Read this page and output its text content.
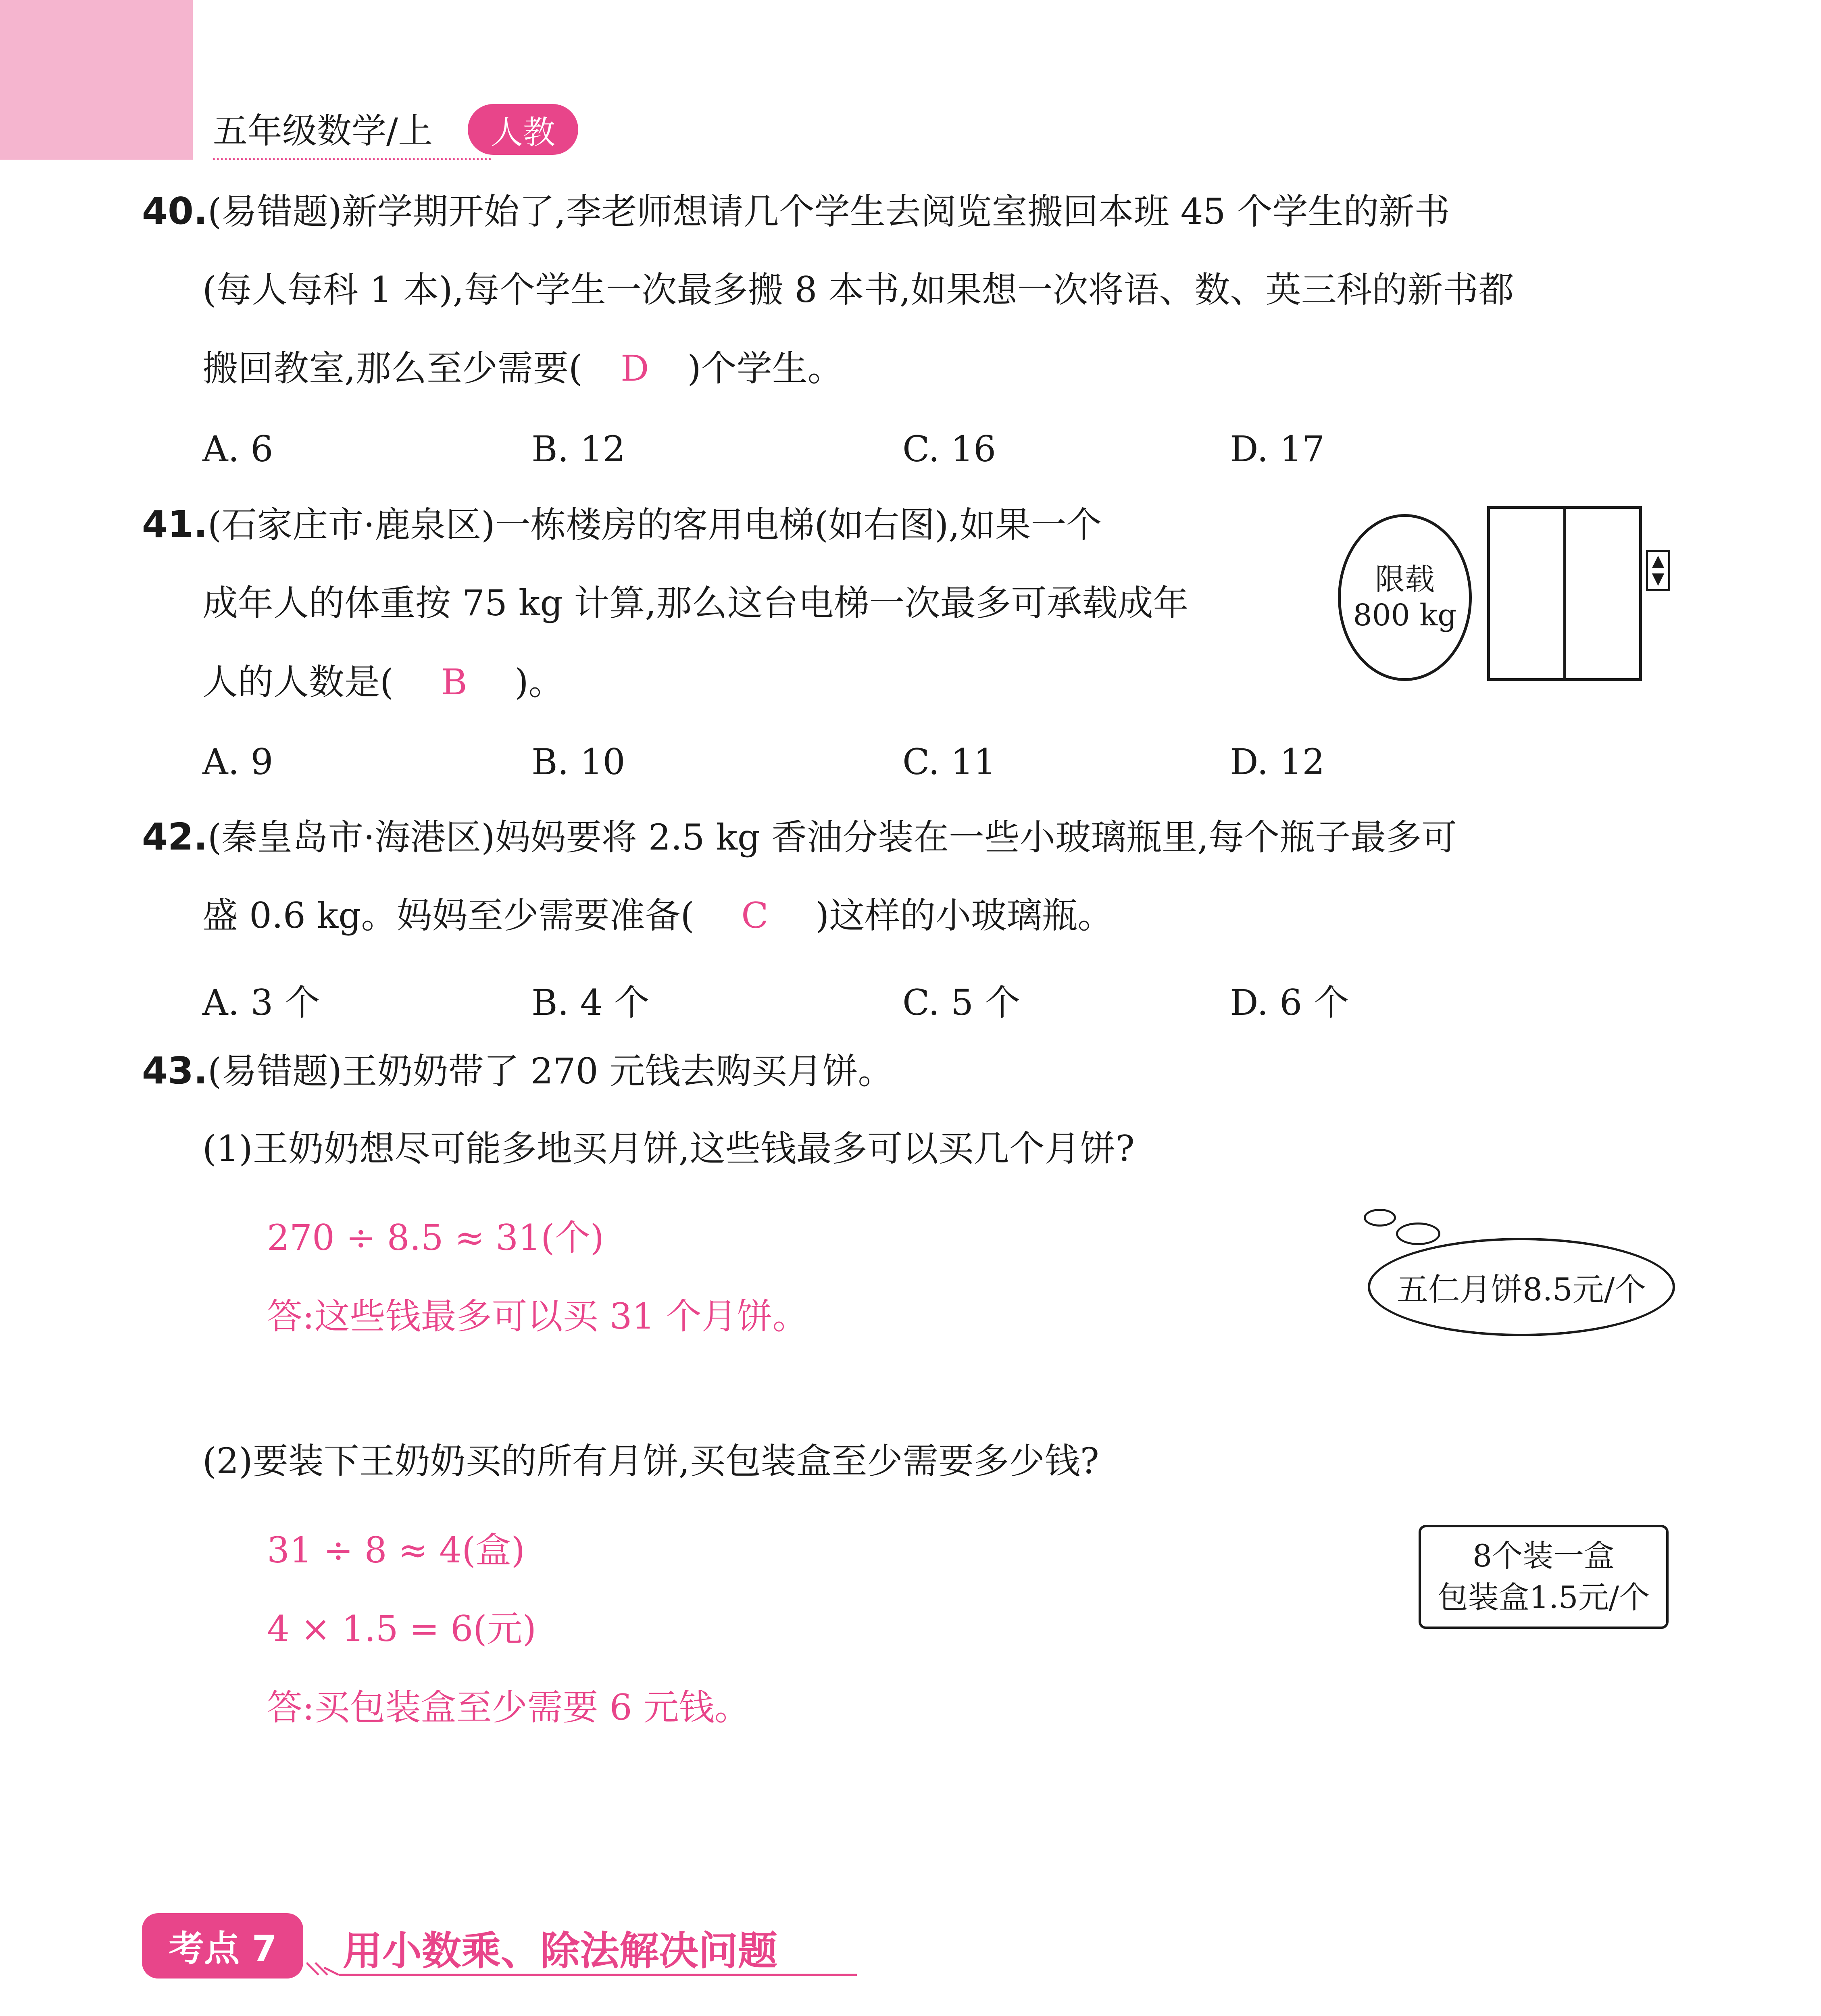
五年级数学/上	人教
40.(易错题)新学期开始了,李老师想请几个学生去阅览室搬回本班 45 个学生的新书
(每人每科 1 本),每个学生一次最多搬 8 本书,如果想一次将语、数、英三科的新书都
搬回教室,那么至少需要( D )个学生。
A. 6	B. 12	C. 16	D. 17
41.(石家庄市·鹿泉区)一栋楼房的客用电梯(如右图),如果一个
成年人的体重按 75 kg 计算,那么这台电梯一次最多可承载成年
人的人数是( B )。
A. 9	B. 10	C. 11	D. 12
限载
800 kg
▲
▼
42.(秦皇岛市·海港区)妈妈要将 2.5 kg 香油分装在一些小玻璃瓶里,每个瓶子最多可
盛 0.6 kg。妈妈至少需要准备( C )这样的小玻璃瓶。
A. 3 个	B. 4 个	C. 5 个	D. 6 个
43.(易错题)王奶奶带了 270 元钱去购买月饼。
(1)王奶奶想尽可能多地买月饼,这些钱最多可以买几个月饼?
270 ÷ 8.5 ≈ 31(个)
答:这些钱最多可以买 31 个月饼。
五仁月饼8.5元/个
(2)要装下王奶奶买的所有月饼,买包装盒至少需要多少钱?
31 ÷ 8 ≈ 4(盒)
4 × 1.5 = 6(元)
答:买包装盒至少需要 6 元钱。
8个装一盒
包装盒1.5元/个
考点 7	用小数乘、除法解决问题
